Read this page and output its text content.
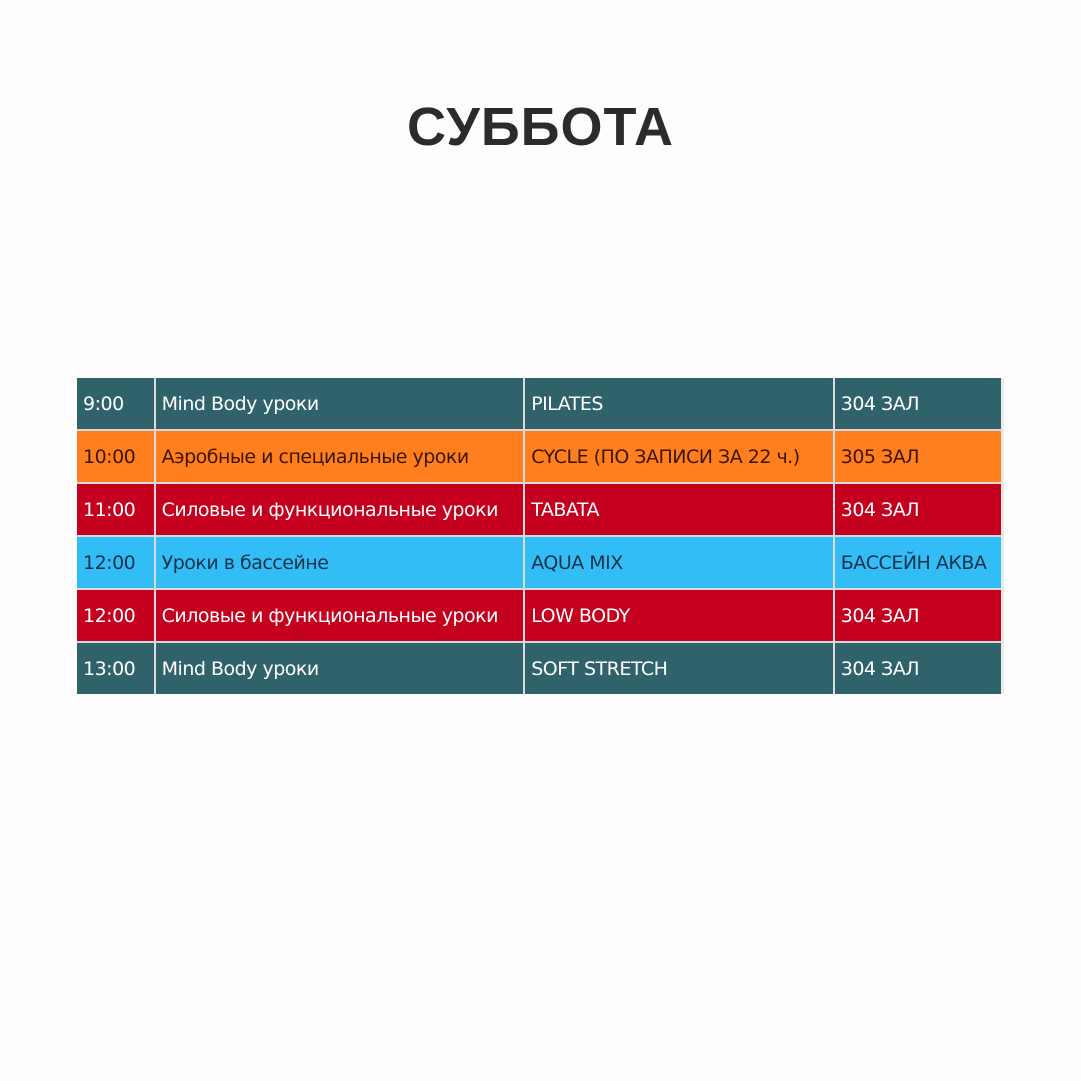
СУББОТА
9:00	Mind Body уроки	PILATES	304 ЗАЛ
10:00	Аэробные и специальные уроки	CYCLE (ПО ЗАПИСИ ЗА 22 ч.)	305 ЗАЛ
11:00	Силовые и функциональные уроки	TABATA	304 ЗАЛ
12:00	Уроки в бассейне	AQUA MIX	БАССЕЙН АКВА
12:00	Силовые и функциональные уроки	LOW BODY	304 ЗАЛ
13:00	Mind Body уроки	SOFT STRETCH	304 ЗАЛ
